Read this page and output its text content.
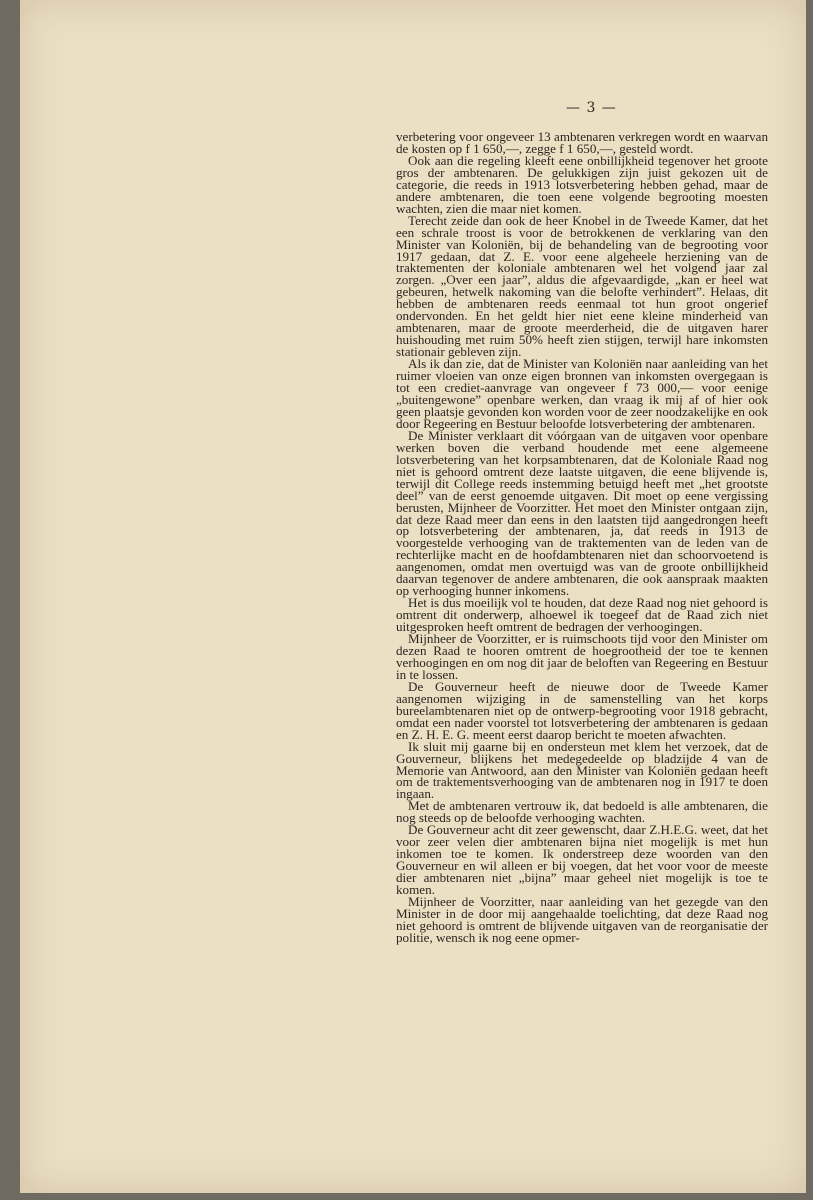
— 3 —

verbetering voor ongeveer 13 ambtenaren verkregen wordt en waarvan de kosten op f 1 650,—, zegge f 1 650,—, gesteld wordt.

Ook aan die regeling kleeft eene onbillijkheid tegenover het groote gros der ambtenaren. De gelukkigen zijn juist gekozen uit de categorie, die reeds in 1913 lotsverbetering hebben gehad, maar de andere ambtenaren, die toen eene volgende begrooting moesten wachten, zien die maar niet komen.

Terecht zeide dan ook de heer Knobel in de Tweede Kamer, dat het een schrale troost is voor de betrokkenen de verklaring van den Minister van Koloniën, bij de behandeling van de begrooting voor 1917 gedaan, dat Z. E. voor eene algeheele herziening van de traktementen der koloniale ambtenaren wel het volgend jaar zal zorgen. „Over een jaar”, aldus die afgevaardigde, „kan er heel wat gebeuren, hetwelk nakoming van die belofte verhindert”. Helaas, dit hebben de ambtenaren reeds eenmaal tot hun groot ongerief ondervonden. En het geldt hier niet eene kleine minderheid van ambtenaren, maar de groote meerderheid, die de uitgaven harer huishouding met ruim 50% heeft zien stijgen, terwijl hare inkomsten stationair gebleven zijn.

Als ik dan zie, dat de Minister van Koloniën naar aanleiding van het ruimer vloeien van onze eigen bronnen van inkomsten overgegaan is tot een crediet-aanvrage van ongeveer f 73 000,— voor eenige „buitengewone” openbare werken, dan vraag ik mij af of hier ook geen plaatsje gevonden kon worden voor de zeer noodzakelijke en ook door Regeering en Bestuur beloofde lotsverbetering der ambtenaren.

De Minister verklaart dit vóórgaan van de uitgaven voor openbare werken boven die verband houdende met eene algemeene lotsverbetering van het korpsambtenaren, dat de Koloniale Raad nog niet is gehoord omtrent deze laatste uitgaven, die eene blijvende is, terwijl dit College reeds instemming betuigd heeft met „het grootste deel” van de eerst genoemde uitgaven. Dit moet op eene vergissing berusten, Mijnheer de Voorzitter. Het moet den Minister ontgaan zijn, dat deze Raad meer dan eens in den laatsten tijd aangedrongen heeft op lotsverbetering der ambtenaren, ja, dat reeds in 1913 de voorgestelde verhooging van de traktementen van de leden van de rechterlijke macht en de hoofdambtenaren niet dan schoorvoetend is aangenomen, omdat men overtuigd was van de groote onbillijkheid daarvan tegenover de andere ambtenaren, die ook aanspraak maakten op verhooging hunner inkomens.

Het is dus moeilijk vol te houden, dat deze Raad nog niet gehoord is omtrent dit onderwerp, alhoewel ik toegeef dat de Raad zich niet uitgesproken heeft omtrent de bedragen der verhoogingen.

Mijnheer de Voorzitter, er is ruimschoots tijd voor den Minister om dezen Raad te hooren omtrent de hoegrootheid der toe te kennen verhoogingen en om nog dit jaar de beloften van Regeering en Bestuur in te lossen.

De Gouverneur heeft de nieuwe door de Tweede Kamer aangenomen wijziging in de samenstelling van het korps bureelambtenaren niet op de ontwerp-begrooting voor 1918 gebracht, omdat een nader voorstel tot lotsverbetering der ambtenaren is gedaan en Z. H. E. G. meent eerst daarop bericht te moeten afwachten.

Ik sluit mij gaarne bij en ondersteun met klem het verzoek, dat de Gouverneur, blijkens het medegedeelde op bladzijde 4 van de Memorie van Antwoord, aan den Minister van Koloniën gedaan heeft om de traktementsverhooging van de ambtenaren nog in 1917 te doen ingaan.

Met de ambtenaren vertrouw ik, dat bedoeld is alle ambtenaren, die nog steeds op de beloofde verhooging wachten.

De Gouverneur acht dit zeer gewenscht, daar Z.H.E.G. weet, dat het voor zeer velen dier ambtenaren bijna niet mogelijk is met hun inkomen toe te komen. Ik onderstreep deze woorden van den Gouverneur en wil alleen er bij voegen, dat het voor voor de meeste dier ambtenaren niet „bijna” maar geheel niet mogelijk is toe te komen.

Mijnheer de Voorzitter, naar aanleiding van het gezegde van den Minister in de door mij aangehaalde toelichting, dat deze Raad nog niet gehoord is omtrent de blijvende uitgaven van de reorganisatie der politie, wensch ik nog eene opmer-
